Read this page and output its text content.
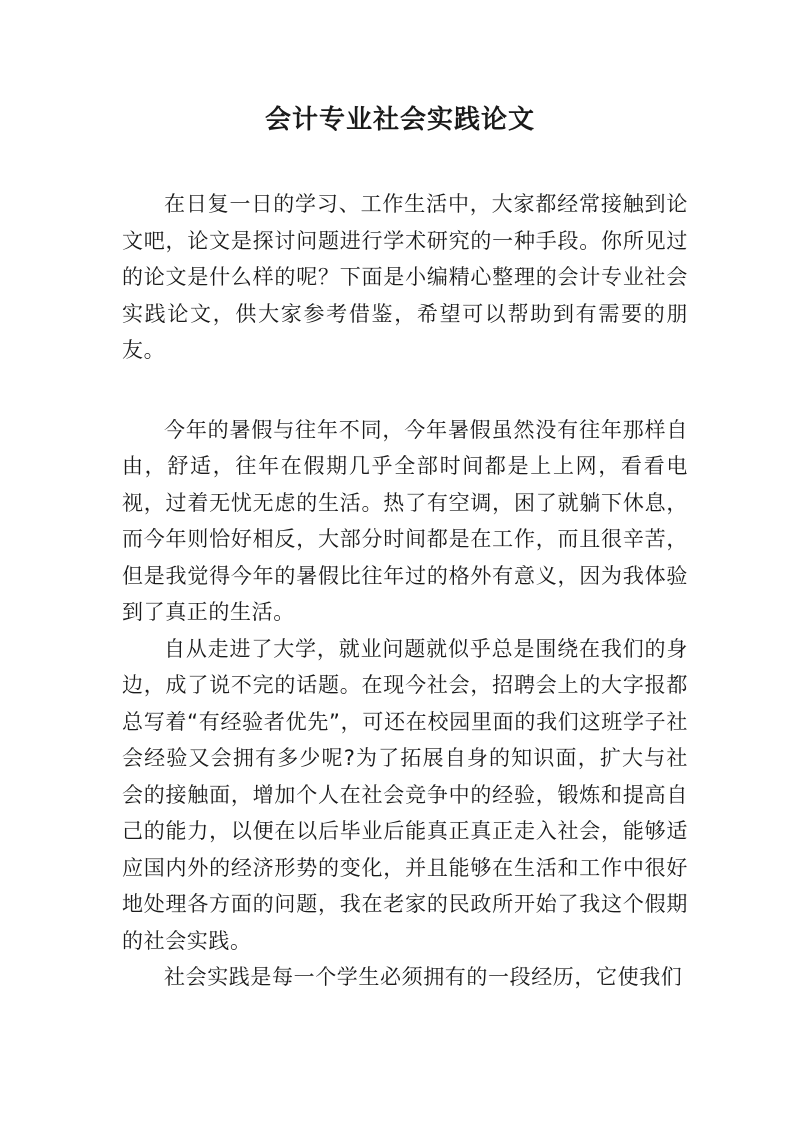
会计专业社会实践论文

在日复一日的学习、工作生活中，大家都经常接触到论文吧，论文是探讨问题进行学术研究的一种手段。你所见过的论文是什么样的呢？下面是小编精心整理的会计专业社会实践论文，供大家参考借鉴，希望可以帮助到有需要的朋友。

今年的暑假与往年不同，今年暑假虽然没有往年那样自由，舒适，往年在假期几乎全部时间都是上上网，看看电视，过着无忧无虑的生活。热了有空调，困了就躺下休息，而今年则恰好相反，大部分时间都是在工作，而且很辛苦，但是我觉得今年的暑假比往年过的格外有意义，因为我体验到了真正的生活。

自从走进了大学，就业问题就似乎总是围绕在我们的身边，成了说不完的话题。在现今社会，招聘会上的大字报都总写着“有经验者优先”，可还在校园里面的我们这班学子社会经验又会拥有多少呢?为了拓展自身的知识面，扩大与社会的接触面，增加个人在社会竞争中的经验，锻炼和提高自己的能力，以便在以后毕业后能真正真正走入社会，能够适应国内外的经济形势的变化，并且能够在生活和工作中很好地处理各方面的问题，我在老家的民政所开始了我这个假期的社会实践。

社会实践是每一个学生必须拥有的一段经历，它使我们
